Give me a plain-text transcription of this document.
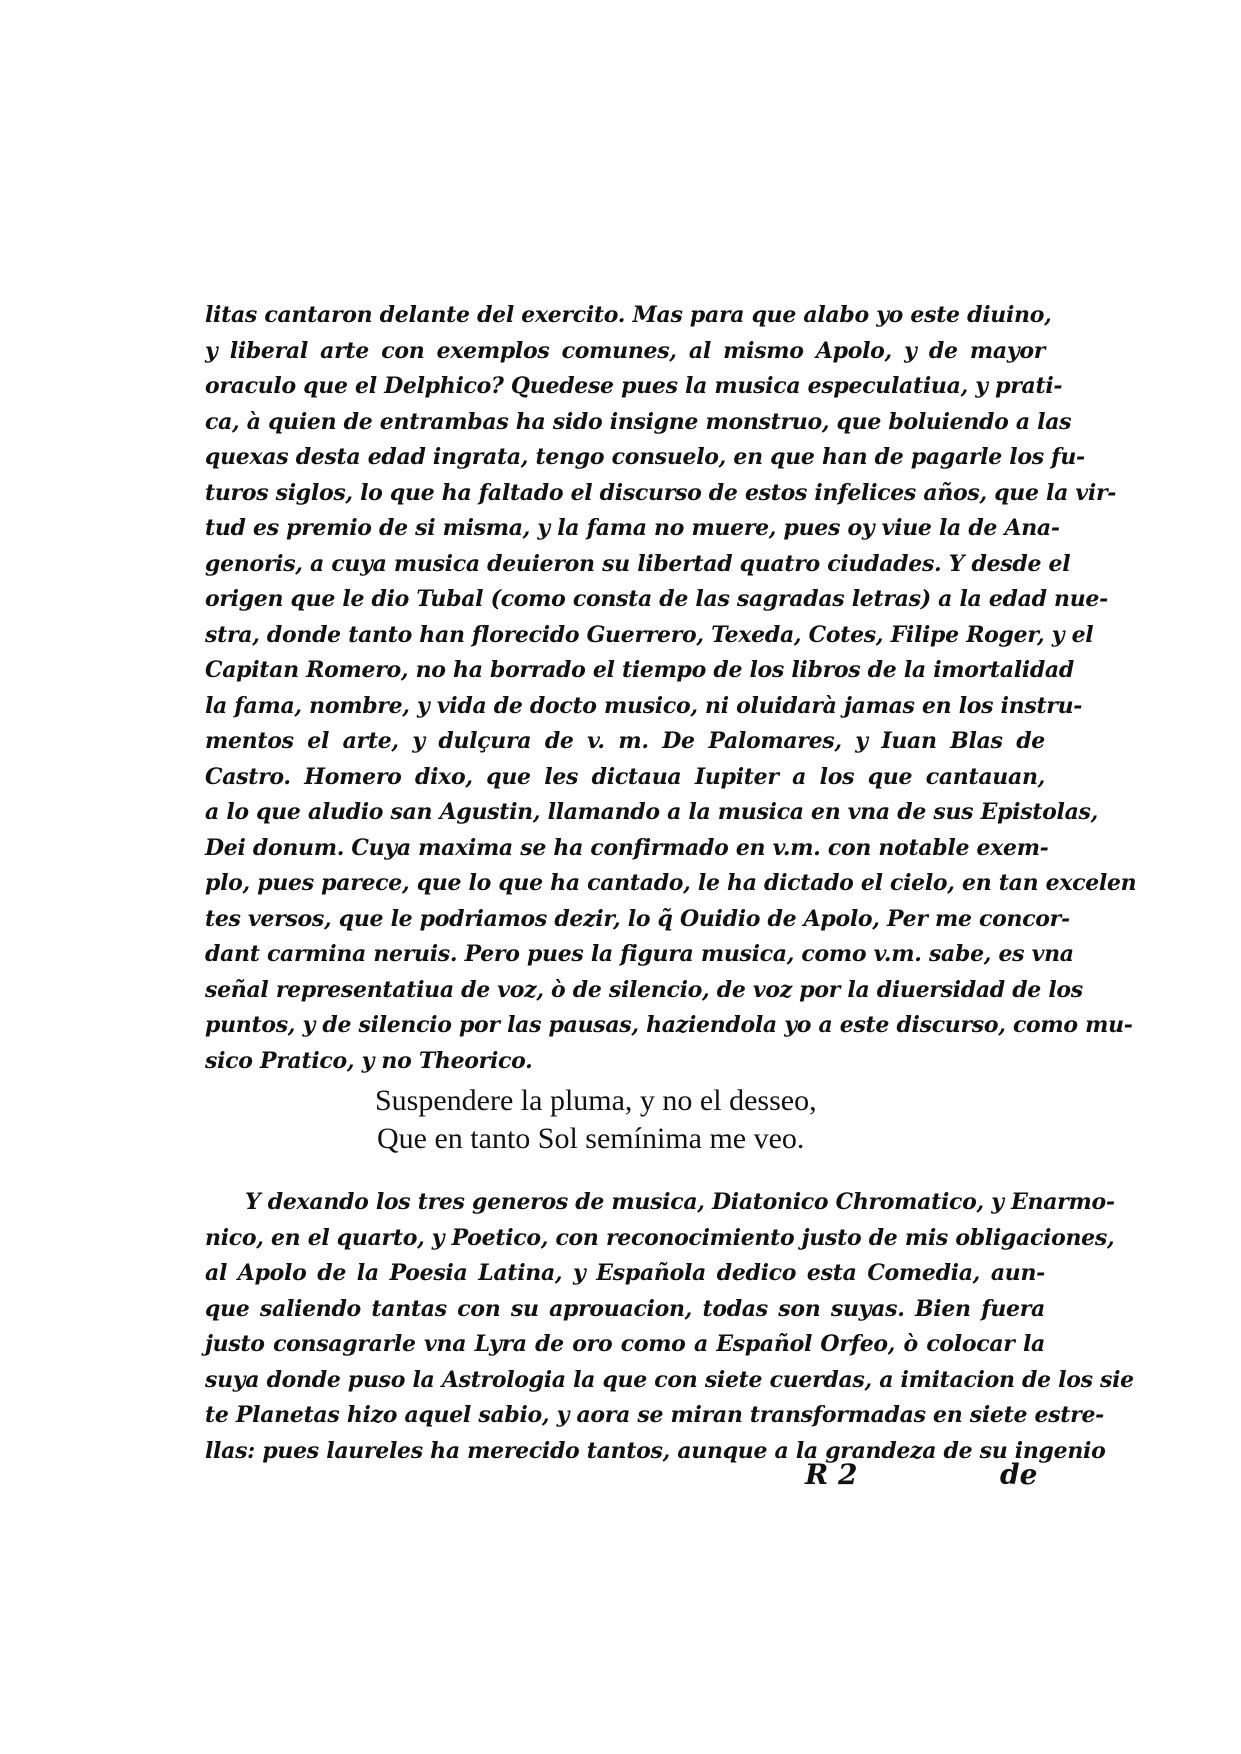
litas cantaron delante del exercito. Mas para que alabo yo este diuino,
y liberal arte con exemplos comunes, al mismo Apolo, y de mayor
oraculo que el Delphico? Quedese pues la musica especulatiua, y prati-
ca, à quien de entrambas ha sido insigne monstruo, que boluiendo a las
quexas desta edad ingrata, tengo consuelo, en que han de pagarle los fu-
turos siglos, lo que ha faltado el discurso de estos infelices años, que la vir-
tud es premio de si misma, y la fama no muere, pues oy viue la de Ana-
genoris, a cuya musica deuieron su libertad quatro ciudades. Y desde el
origen que le dio Tubal (como consta de las sagradas letras) a la edad nue-
stra, donde tanto han florecido Guerrero, Texeda, Cotes, Filipe Roger, y el
Capitan Romero, no ha borrado el tiempo de los libros de la imortalidad
la fama, nombre, y vida de docto musico, ni oluidarà jamas en los instru-
mentos el arte, y dulçura de v. m. De Palomares, y Iuan Blas de
Castro. Homero dixo, que les dictaua Iupiter a los que cantauan,
a lo que aludio san Agustin, llamando a la musica en vna de sus Epistolas,
Dei donum. Cuya maxima se ha confirmado en v.m. con notable exem-
plo, pues parece, que lo que ha cantado, le ha dictado el cielo, en tan excelen
tes versos, que le podriamos dezir, lo q̃ Ouidio de Apolo, Per me concor-
dant carmina neruis. Pero pues la figura musica, como v.m. sabe, es vna
señal representatiua de voz, ò de silencio, de voz por la diuersidad de los
puntos, y de silencio por las pausas, haziendola yo a este discurso, como mu-
sico Pratico, y no Theorico.
Suspendere la pluma, y no el desseo,
Que en tanto Sol semínima me veo.
Y dexando los tres generos de musica, Diatonico Chromatico, y Enarmo-
nico, en el quarto, y Poetico, con reconocimiento justo de mis obligaciones,
al Apolo de la Poesia Latina, y Española dedico esta Comedia, aun-
que saliendo tantas con su aprouacion, todas son suyas. Bien fuera
justo consagrarle vna Lyra de oro como a Español Orfeo, ò colocar la
suya donde puso la Astrologia la que con siete cuerdas, a imitacion de los sie
te Planetas hizo aquel sabio, y aora se miran transformadas en siete estre-
llas: pues laureles ha merecido tantos, aunque a la grandeza de su ingenio
R 2	de
